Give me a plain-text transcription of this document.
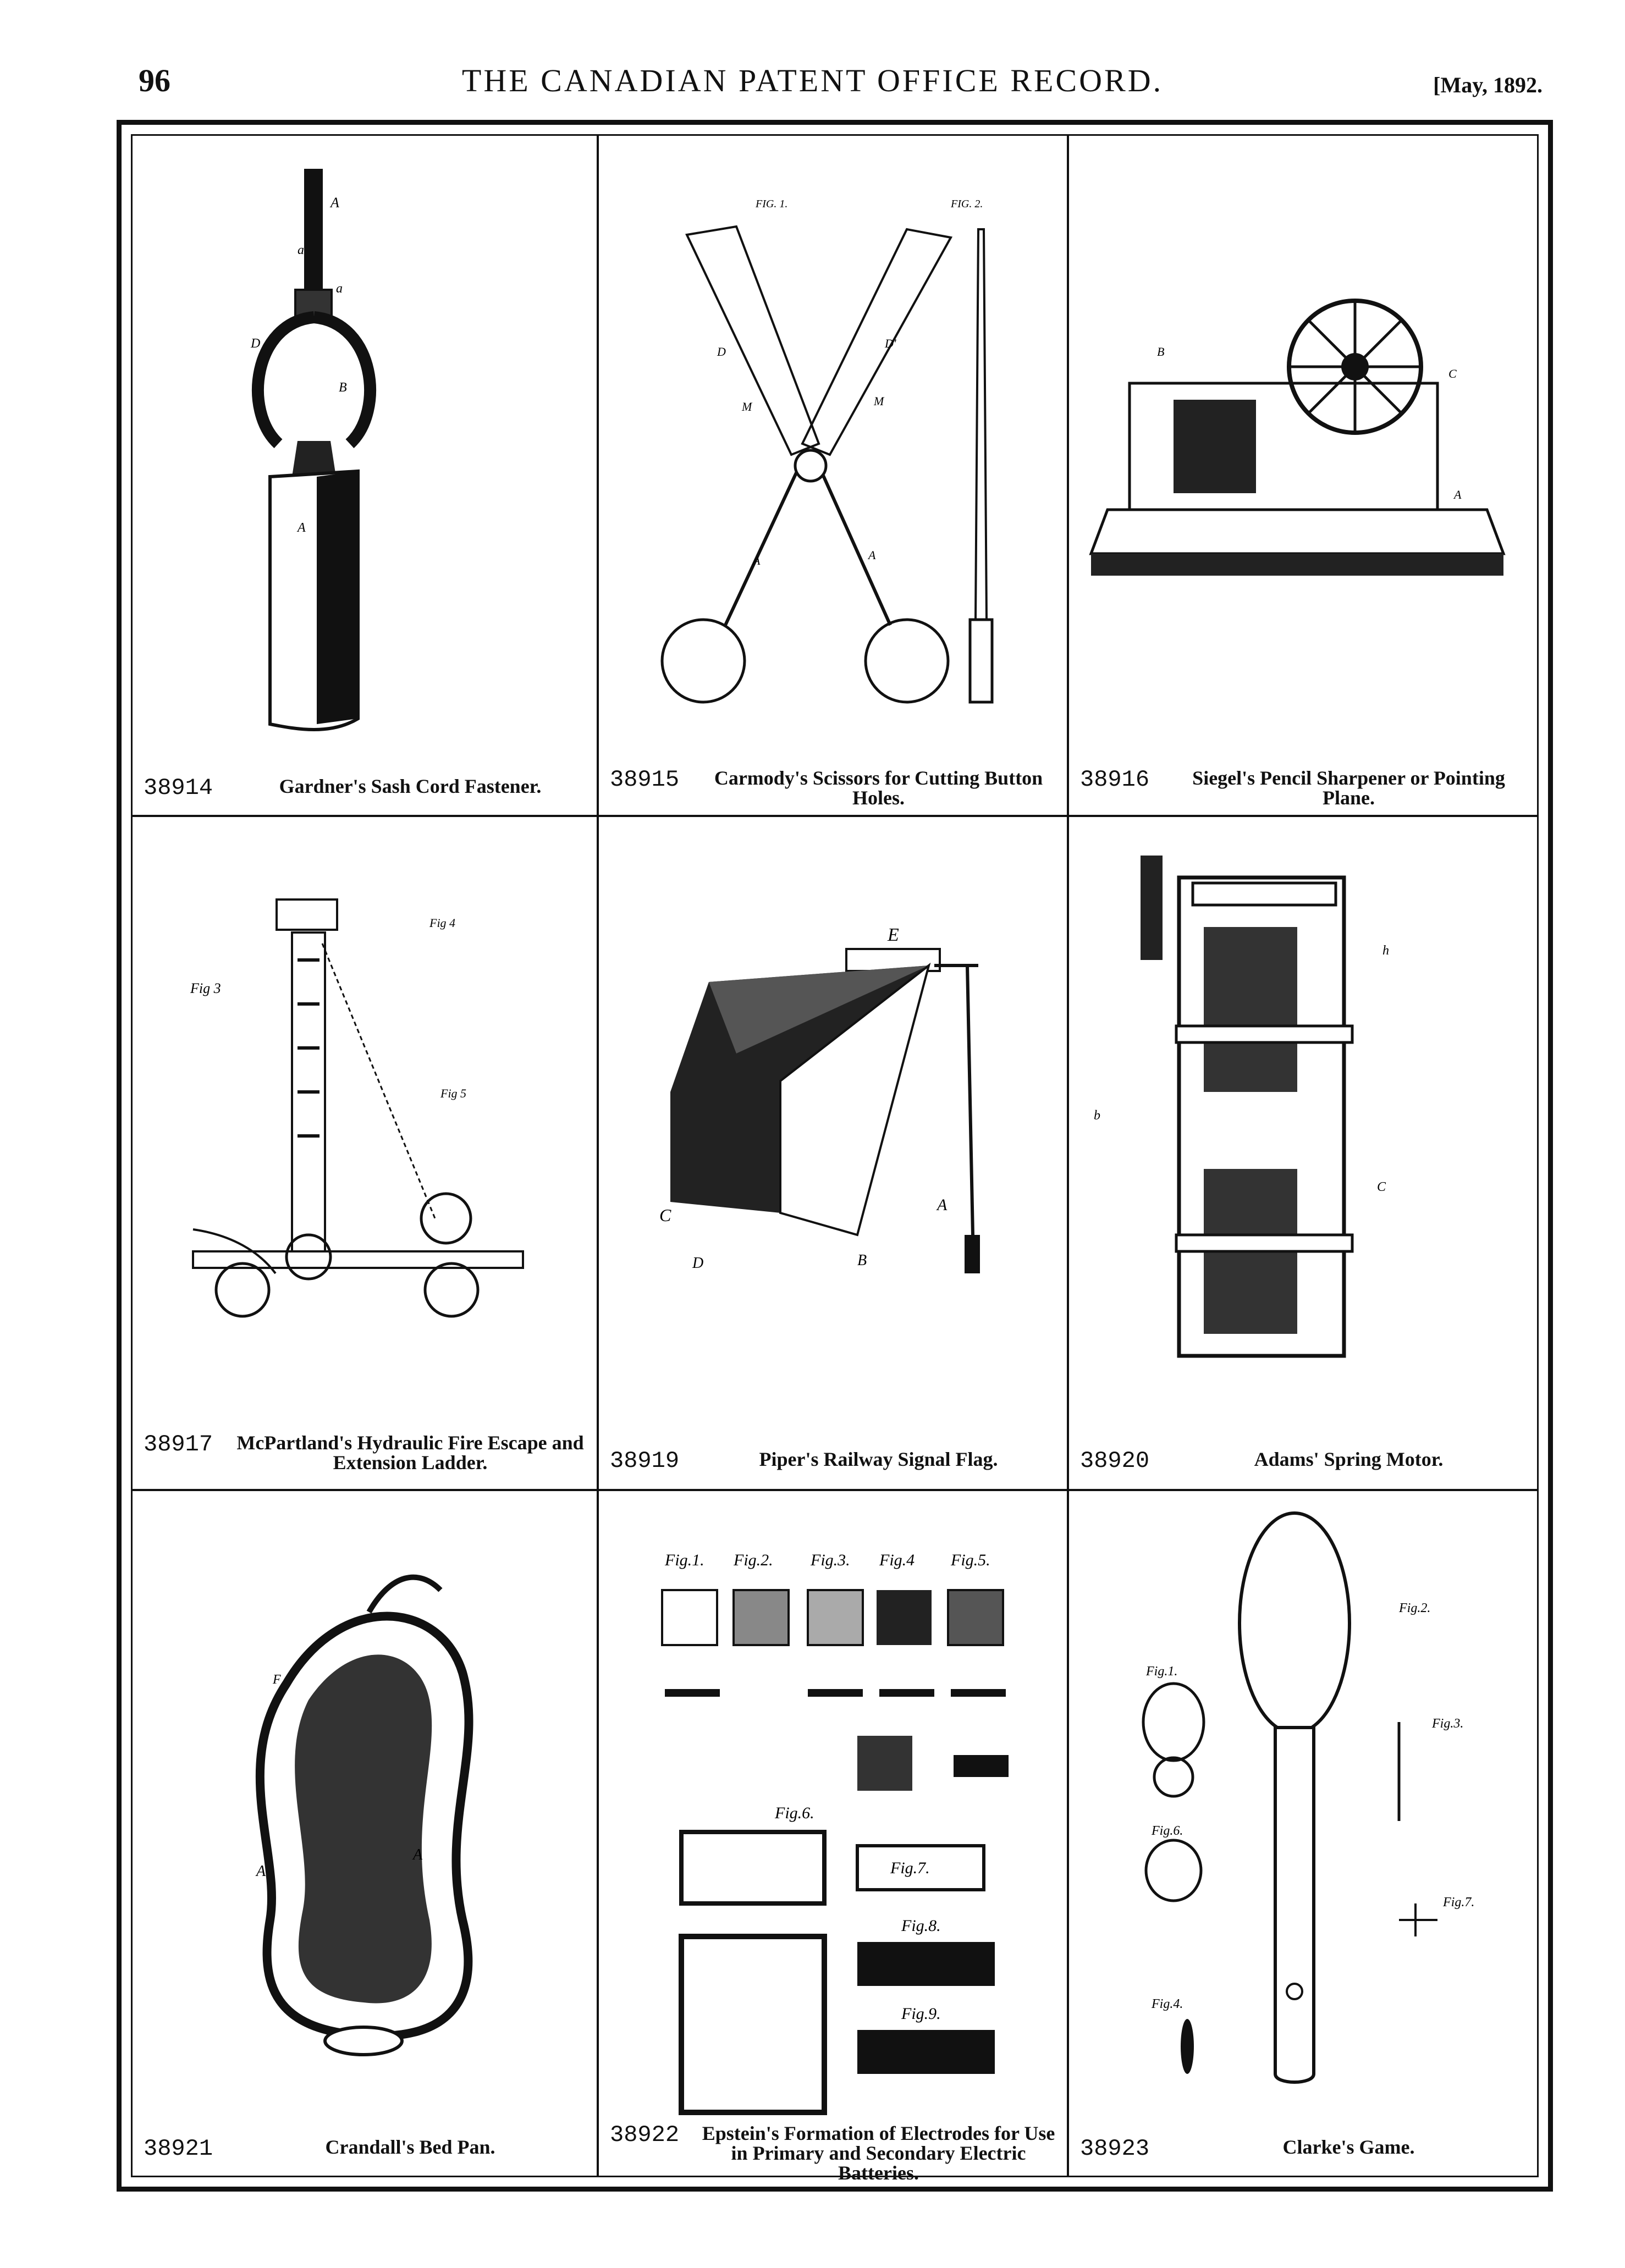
96	THE CANADIAN PATENT OFFICE RECORD.	[May, 1892.
A
a
a
D
B
A
38914	Gardner's Sash Cord Fastener.
FIG. 1.	FIG. 2.
D
D'
M	M
A	A
38915	Carmody's Scissors for Cutting Button Holes.
B
C
A
38916	Siegel's Pencil Sharpener or Pointing Plane.
Fig 3
Fig 4
Fig 5
38917 McPartland's Hydraulic Fire Escape and Extension Ladder.
E
C
D	B
A
38919	Piper's Railway Signal Flag.
b
h
C
38920	Adams' Spring Motor.
F
A
A
38921	Crandall's Bed Pan.
Fig.1. Fig.2. Fig.3. Fig.4 Fig.5.
Fig.6.
Fig.7.
Fig.8.
Fig.9.
38922 Epstein's Formation of Electrodes for Use in Primary and Secondary Electric Batteries.
Fig.1.
Fig.2.
Fig.3.
Fig.4.
Fig.6.
Fig.7.
38923	Clarke's Game.
